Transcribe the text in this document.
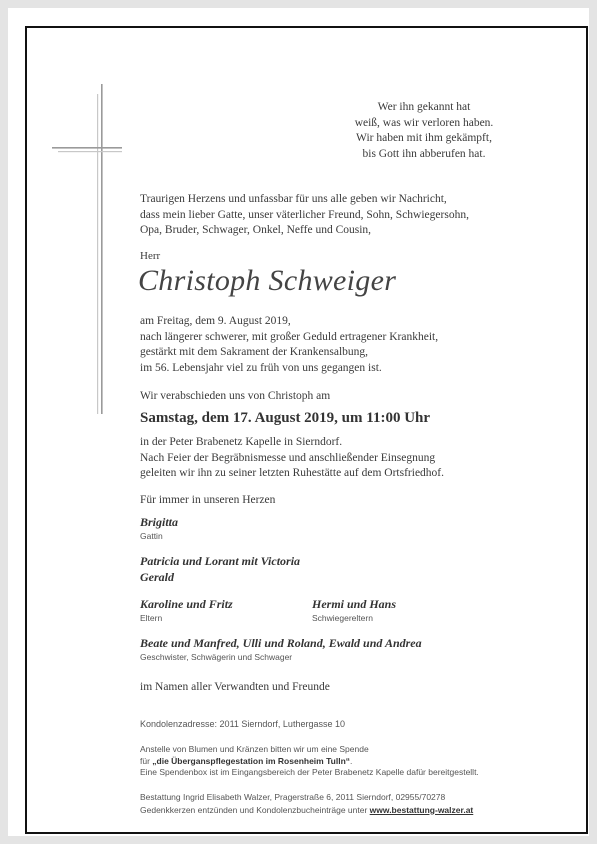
Wer ihn gekannt hat
weiß, was wir verloren haben.
Wir haben mit ihm gekämpft,
bis Gott ihn abberufen hat.
Traurigen Herzens und unfassbar für uns alle geben wir Nachricht,
dass mein lieber Gatte, unser väterlicher Freund, Sohn, Schwiegersohn,
Opa, Bruder, Schwager, Onkel, Neffe und Cousin,
Herr
Christoph Schweiger
am Freitag, dem 9. August 2019,
nach längerer schwerer, mit großer Geduld ertragener Krankheit,
gestärkt mit dem Sakrament der Krankensalbung,
im 56. Lebensjahr viel zu früh von uns gegangen ist.
Wir verabschieden uns von Christoph am
Samstag, dem 17. August 2019, um 11:00 Uhr
in der Peter Brabenetz Kapelle in Sierndorf.
Nach Feier der Begräbnismesse und anschließender Einsegnung
geleiten wir ihn zu seiner letzten Ruhestätte auf dem Ortsfriedhof.
Für immer in unseren Herzen
Brigitta
Gattin
Patricia und Lorant mit Victoria
Gerald
Karoline und Fritz
Eltern
Hermi und Hans
Schwiegereltern
Beate und Manfred, Ulli und Roland, Ewald und Andrea
Geschwister, Schwägerin und Schwager
im Namen aller Verwandten und Freunde
Kondolenzadresse: 2011 Sierndorf, Luthergasse 10
Anstelle von Blumen und Kränzen bitten wir um eine Spende
für „die Überganspflegestation im Rosenheim Tulln“.
Eine Spendenbox ist im Eingangsbereich der Peter Brabenetz Kapelle dafür bereitgestellt.
Bestattung Ingrid Elisabeth Walzer, Pragerstraße 6, 2011 Sierndorf, 02955/70278
Gedenkkerzen entzünden und Kondolenzbucheinträge unter www.bestattung-walzer.at
